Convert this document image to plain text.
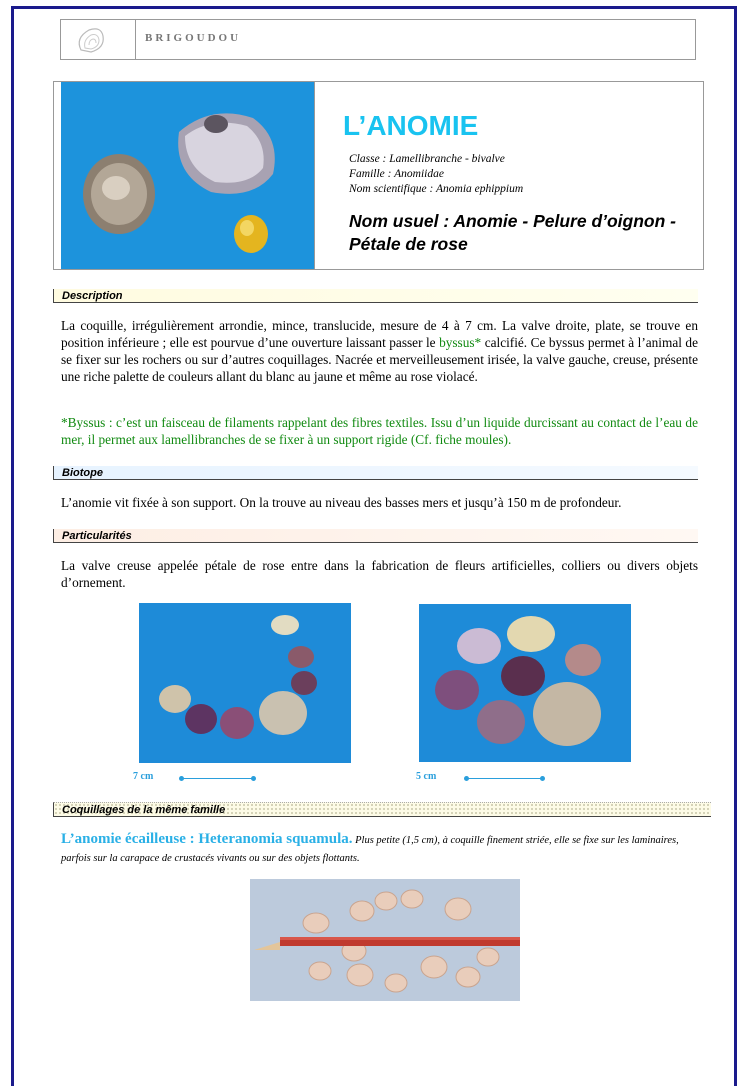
BRIGOUDOU
L’ANOMIE
Classe : Lamellibranche - bivalve
Famille : Anomiidae
Nom scientifique : Anomia ephippium
Nom usuel : Anomie - Pelure d’oignon - Pétale de rose
Description
La coquille, irrégulièrement arrondie, mince, translucide, mesure de 4 à 7 cm. La valve droite, plate, se trouve en position inférieure ; elle est pourvue d’une ouverture laissant passer le byssus* calcifié. Ce byssus permet à l’animal de se fixer sur les rochers ou sur d’autres coquillages. Nacrée et merveilleusement irisée, la valve gauche, creuse, présente une riche palette de couleurs allant du blanc au jaune et même au rose violacé.
*Byssus : c’est un faisceau de filaments rappelant des fibres textiles. Issu d’un liquide durcissant au contact de l’eau de mer, il permet aux lamellibranches de se fixer à un support rigide (Cf. fiche moules).
Biotope
L’anomie vit fixée à son support. On la trouve au niveau des basses mers et jusqu’à 150 m de profondeur.
Particularités
La valve creuse appelée pétale de rose entre dans la fabrication de fleurs artificielles, colliers ou divers objets d’ornement.
7 cm	5 cm
Coquillages de la même famille
L’anomie écailleuse : Heteranomia squamula. Plus petite (1,5 cm), à coquille finement striée, elle se fixe sur les laminaires, parfois sur la carapace de crustacés vivants ou sur des objets flottants.
